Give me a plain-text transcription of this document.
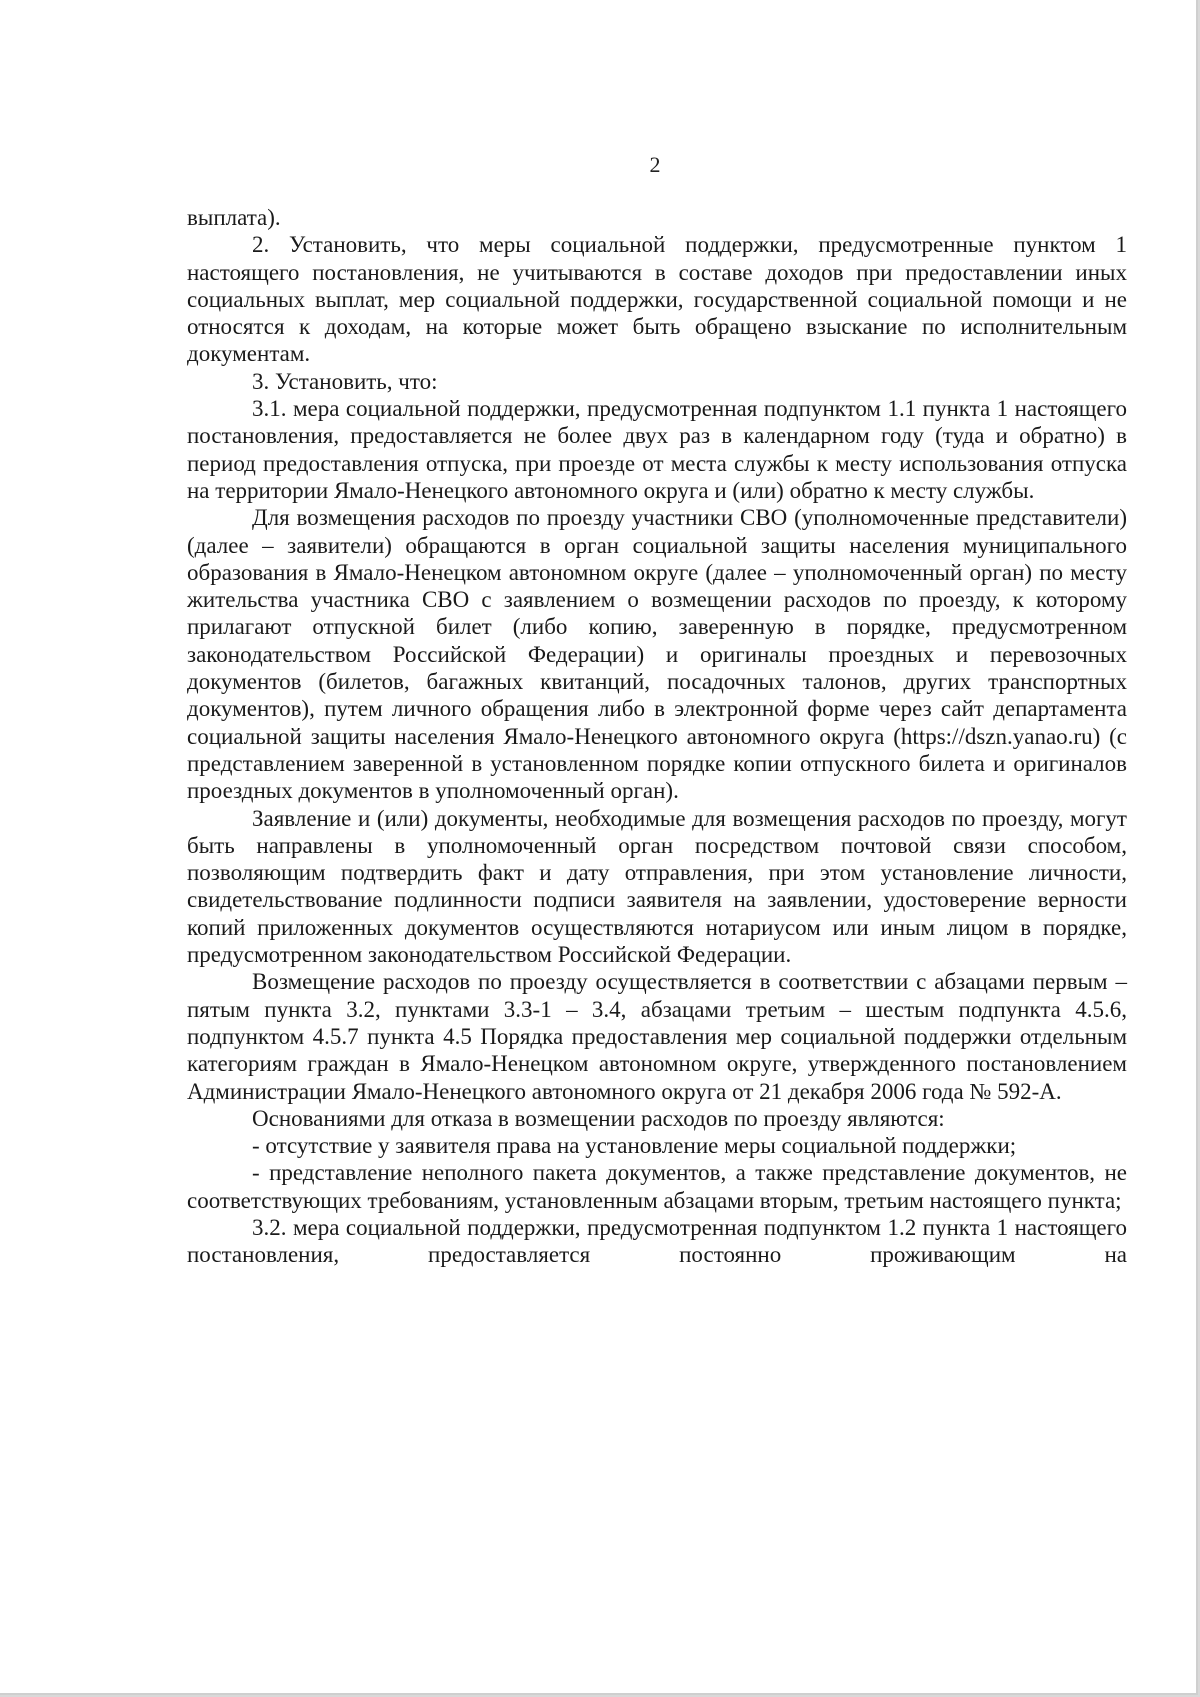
2

выплата).

2. Установить, что меры социальной поддержки, предусмотренные пунктом 1 настоящего постановления, не учитываются в составе доходов при предоставлении иных социальных выплат, мер социальной поддержки, государственной социальной помощи и не относятся к доходам, на которые может быть обращено взыскание по исполнительным документам.

3. Установить, что:

3.1. мера социальной поддержки, предусмотренная подпунктом 1.1 пункта 1 настоящего постановления, предоставляется не более двух раз в календарном году (туда и обратно) в период предоставления отпуска, при проезде от места службы к месту использования отпуска на территории Ямало-Ненецкого автономного округа и (или) обратно к месту службы.

Для возмещения расходов по проезду участники СВО (уполномоченные представители) (далее – заявители) обращаются в орган социальной защиты населения муниципального образования в Ямало-Ненецком автономном округе (далее – уполномоченный орган) по месту жительства участника СВО с заявлением о возмещении расходов по проезду, к которому прилагают отпускной билет (либо копию, заверенную в порядке, предусмотренном законодательством Российской Федерации) и оригиналы проездных и перевозочных документов (билетов, багажных квитанций, посадочных талонов, других транспортных документов), путем личного обращения либо в электронной форме через сайт департамента социальной защиты населения Ямало-Ненецкого автономного округа (https://dszn.yanao.ru) (с представлением заверенной в установленном порядке копии отпускного билета и оригиналов проездных документов в уполномоченный орган).

Заявление и (или) документы, необходимые для возмещения расходов по проезду, могут быть направлены в уполномоченный орган посредством почтовой связи способом, позволяющим подтвердить факт и дату отправления, при этом установление личности, свидетельствование подлинности подписи заявителя на заявлении, удостоверение верности копий приложенных документов осуществляются нотариусом или иным лицом в порядке, предусмотренном законодательством Российской Федерации.

Возмещение расходов по проезду осуществляется в соответствии с абзацами первым – пятым пункта 3.2, пунктами 3.3-1 – 3.4, абзацами третьим – шестым подпункта 4.5.6, подпунктом 4.5.7 пункта 4.5 Порядка предоставления мер социальной поддержки отдельным категориям граждан в Ямало-Ненецком автономном округе, утвержденного постановлением Администрации Ямало-Ненецкого автономного округа от 21 декабря 2006 года № 592-А.

Основаниями для отказа в возмещении расходов по проезду являются:

- отсутствие у заявителя права на установление меры социальной поддержки;

- представление неполного пакета документов, а также представление документов, не соответствующих требованиям, установленным абзацами вторым, третьим настоящего пункта;

3.2. мера социальной поддержки, предусмотренная подпунктом 1.2 пункта 1 настоящего постановления, предоставляется постоянно проживающим на
